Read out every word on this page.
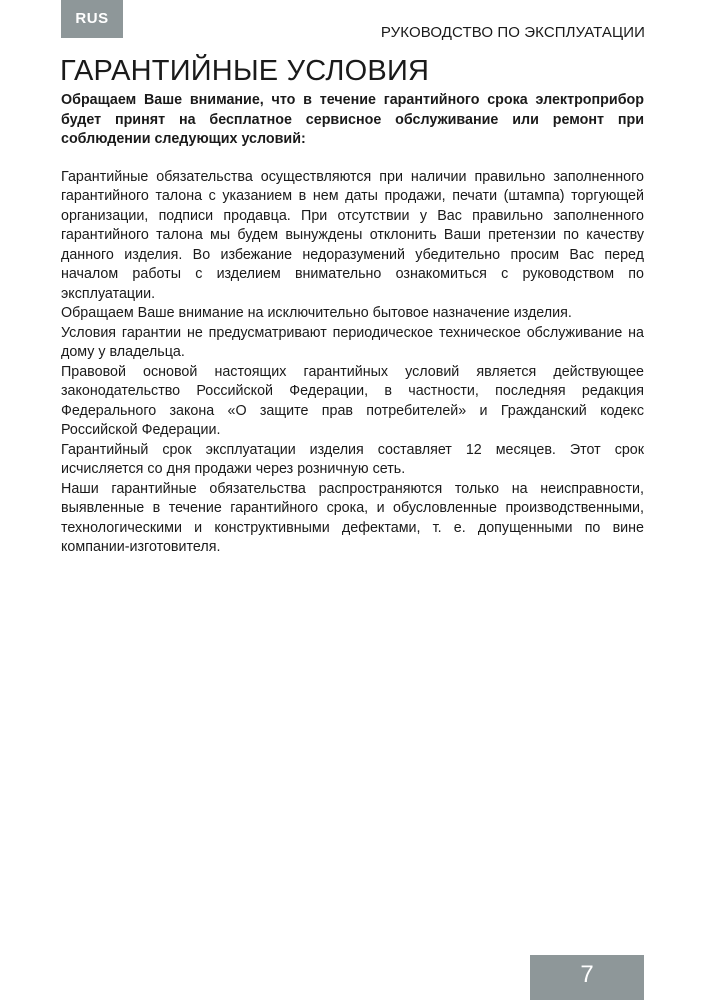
RUS
РУКОВОДСТВО ПО ЭКСПЛУАТАЦИИ
ГАРАНТИЙНЫЕ УСЛОВИЯ

Обращаем Ваше внимание, что в течение гарантийного срока электроприбор будет принят на бесплатное сервисное обслуживание или ремонт при соблюдении следующих условий:

Гарантийные обязательства осуществляются при наличии правильно заполненного гарантийного талона с указанием в нем даты продажи, печати (штампа) торгующей организации, подписи продавца. При отсутствии у Вас правильно заполненного гарантийного талона мы будем вынуждены отклонить Ваши претензии по качеству данного изделия. Во избежание недоразумений убедительно просим Вас перед началом работы с изделием внимательно ознакомиться с руководством по эксплуатации.

Обращаем Ваше внимание на исключительно бытовое назначение изделия.

Условия гарантии не предусматривают периодическое техническое обслуживание на дому у владельца.

Правовой основой настоящих гарантийных условий является действующее законодательство Российской Федерации, в частности, последняя редакция Федерального закона «О защите прав потребителей» и Гражданский кодекс Российской Федерации.

Гарантийный срок эксплуатации изделия составляет 12 месяцев. Этот срок исчисляется со дня продажи через розничную сеть.

Наши гарантийные обязательства распространяются только на неисправности, выявленные в течение гарантийного срока, и обусловленные производственными, технологическими и конструктивными дефектами, т. е. допущенными по вине компании-изготовителя.

7
